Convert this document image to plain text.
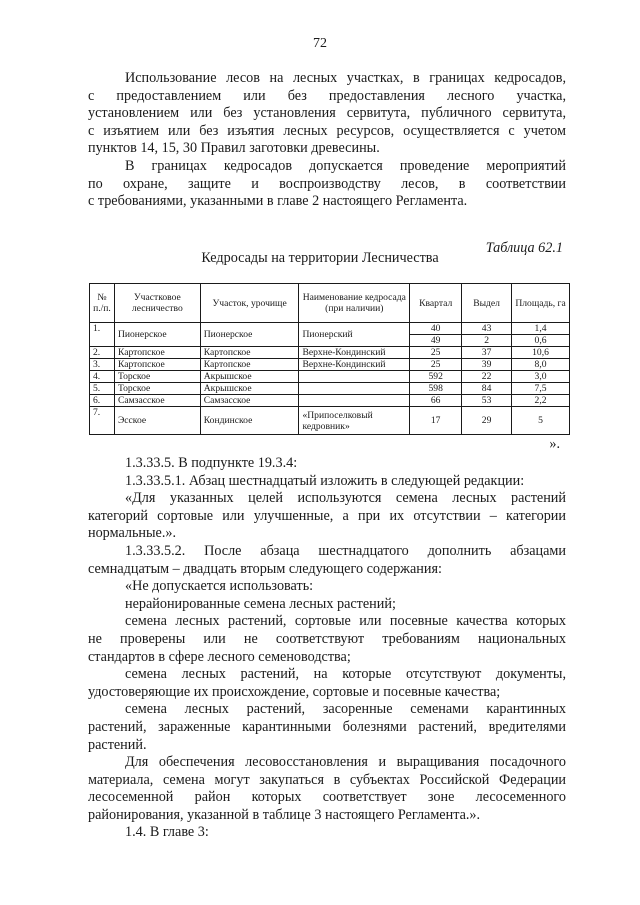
72

Использование лесов на лесных участках, в границах кедросадов,

с предоставлением или без предоставления лесного участка,

установлением или без установления сервитута, публичного сервитута,

с изъятием или без изъятия лесных ресурсов, осуществляется с учетом

пунктов 14, 15, 30 Правил заготовки древесины.

В границах кедросадов допускается проведение мероприятий

по охране, защите и воспроизводству лесов, в соответствии

с требованиями, указанными в главе 2 настоящего Регламента.

Таблица 62.1
Кедросады на территории Лесничества
№ п./п.	Участковое лесничество	Участок, урочище	Наименование кедросада (при наличии)	Квартал	Выдел	Площадь, га
1.	Пионерское	Пионерское	Пионерский	40	43	1,4
				49	2	0,6
2.	Картопское	Картопское	Верхне-Кондинский	25	37	10,6
3.	Картопское	Картопское	Верхне-Кондинский	25	39	8,0
4.	Торское	Акрышское		592	22	3,0
5.	Торское	Акрышское		598	84	7,5
6.	Самзасское	Самзасское		66	53	2,2
7.	Эсское	Кондинское	«Припоселковый кедровник»	17	29	5
».

1.3.33.5. В подпункте 19.3.4:

1.3.33.5.1. Абзац шестнадцатый изложить в следующей редакции:

«Для указанных целей используются семена лесных растений

категорий сортовые или улучшенные, а при их отсутствии – категории

нормальные.».

1.3.33.5.2. После абзаца шестнадцатого дополнить абзацами

семнадцатым – двадцать вторым следующего содержания:

«Не допускается использовать:

нерайонированные семена лесных растений;

семена лесных растений, сортовые или посевные качества которых

не проверены или не соответствуют требованиям национальных

стандартов в сфере лесного семеноводства;

семена лесных растений, на которые отсутствуют документы,

удостоверяющие их происхождение, сортовые и посевные качества;

семена лесных растений, засоренные семенами карантинных

растений, зараженные карантинными болезнями растений, вредителями

растений.

Для обеспечения лесовосстановления и выращивания посадочного

материала, семена могут закупаться в субъектах Российской Федерации

лесосеменной район которых соответствует зоне лесосеменного

районирования, указанной в таблице 3 настоящего Регламента.».

1.4. В главе 3:
